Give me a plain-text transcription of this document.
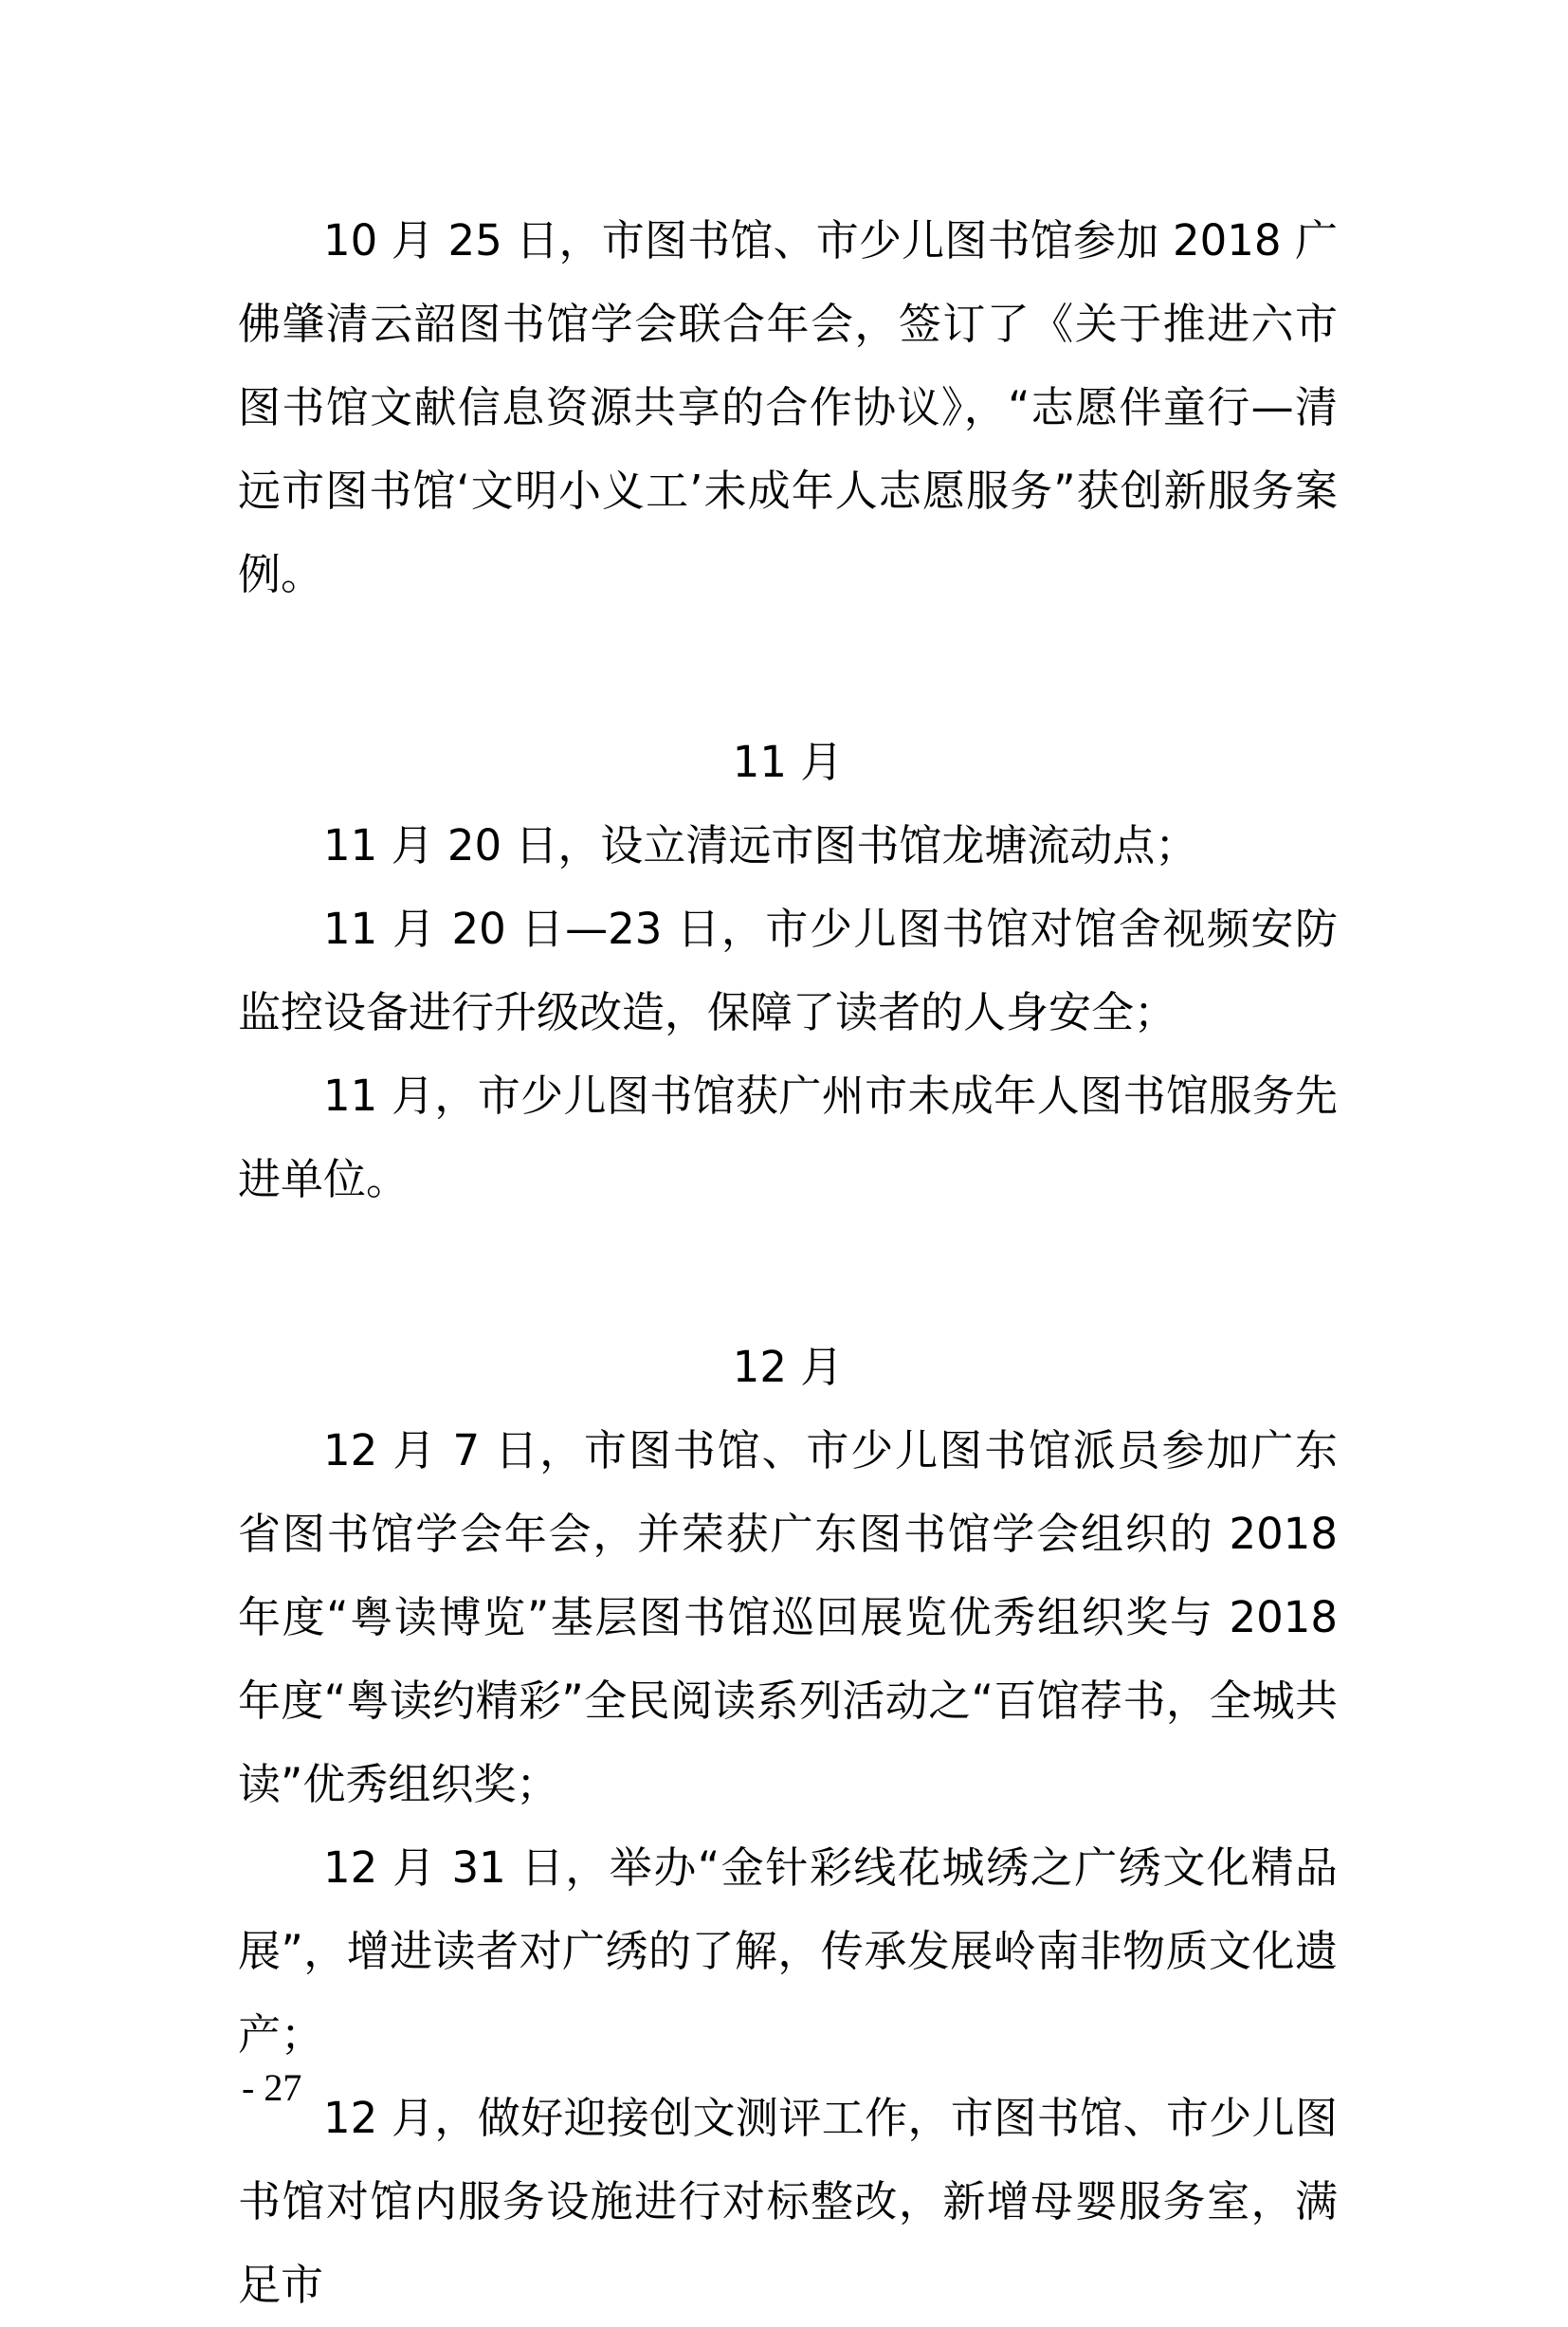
10 月 25 日，市图书馆、市少儿图书馆参加 2018 广佛肇清云韶图书馆学会联合年会，签订了《关于推进六市图书馆文献信息资源共享的合作协议》，“志愿伴童行—清远市图书馆‘文明小义工’未成年人志愿服务”获创新服务案例。

11 月

11 月 20 日，设立清远市图书馆龙塘流动点；

11 月 20 日—23 日，市少儿图书馆对馆舍视频安防监控设备进行升级改造，保障了读者的人身安全；

11 月，市少儿图书馆获广州市未成年人图书馆服务先进单位。

12 月

12 月 7 日，市图书馆、市少儿图书馆派员参加广东省图书馆学会年会，并荣获广东图书馆学会组织的 2018 年度“粤读博览”基层图书馆巡回展览优秀组织奖与 2018 年度“粤读约精彩”全民阅读系列活动之“百馆荐书，全城共读”优秀组织奖；

12 月 31 日，举办“金针彩线花城绣之广绣文化精品展”，增进读者对广绣的了解，传承发展岭南非物质文化遗产；

12 月，做好迎接创文测评工作，市图书馆、市少儿图书馆对馆内服务设施进行对标整改，新增母婴服务室，满足市

- 27
